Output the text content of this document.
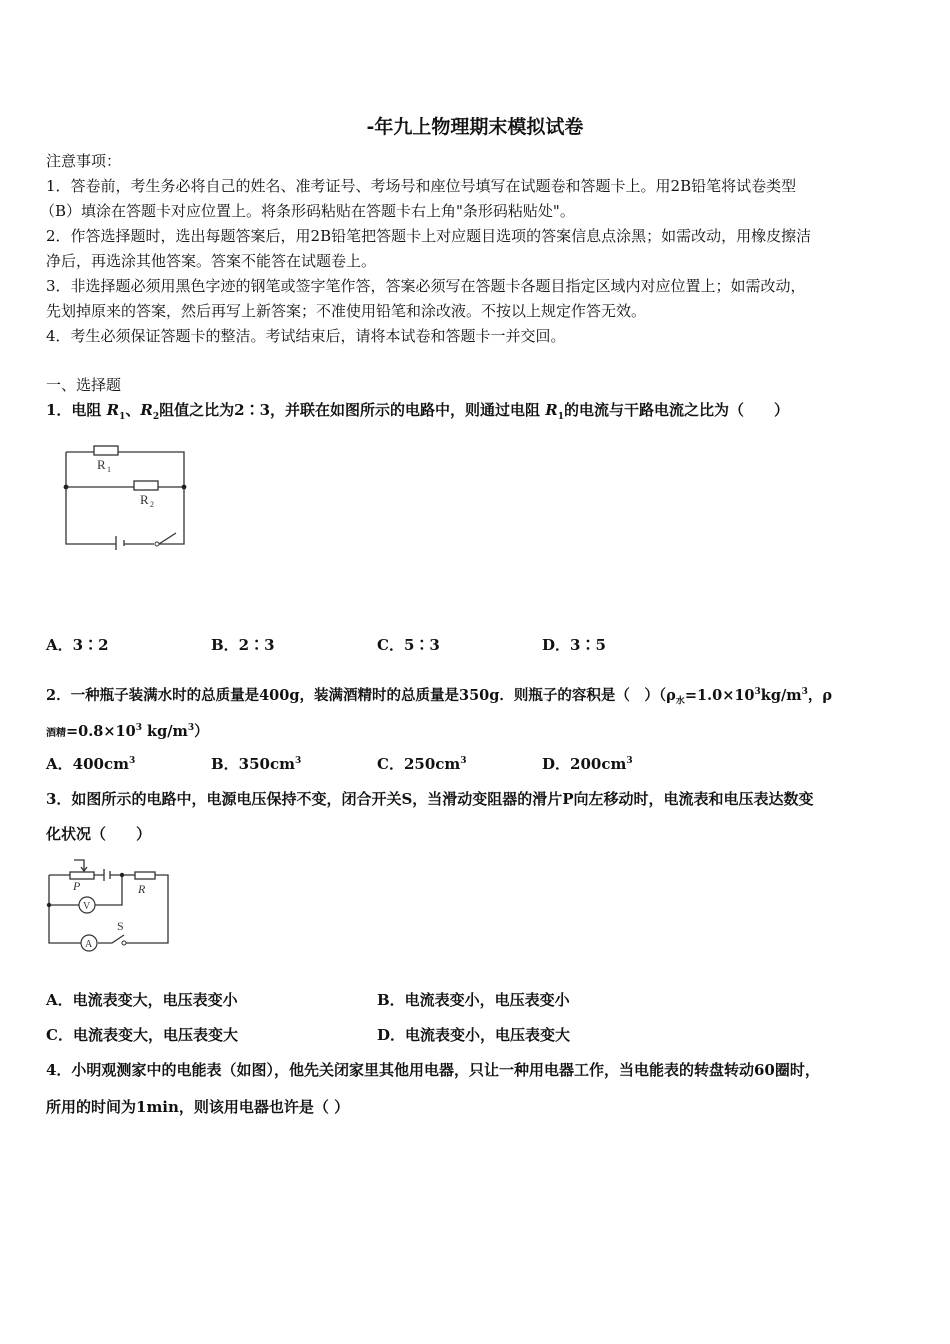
-年九上物理期末模拟试卷
注意事项：
1．答卷前，考生务必将自己的姓名、准考证号、考场号和座位号填写在试题卷和答题卡上。用2B铅笔将试卷类型
（B）填涂在答题卡对应位置上。将条形码粘贴在答题卡右上角"条形码粘贴处"。
2．作答选择题时，选出每题答案后，用2B铅笔把答题卡上对应题目选项的答案信息点涂黑；如需改动，用橡皮擦洁
净后，再选涂其他答案。答案不能答在试题卷上。
3．非选择题必须用黑色字迹的钢笔或签字笔作答，答案必须写在答题卡各题目指定区域内对应位置上；如需改动，
先划掉原来的答案，然后再写上新答案；不准使用铅笔和涂改液。不按以上规定作答无效。
4．考生必须保证答题卡的整洁。考试结束后，请将本试卷和答题卡一并交回。
一、选择题
1．电阻 $R_1$、$R_2$阻值之比为2∶3，并联在如图所示的电路中，则通过电阻 $R_1$的电流与干路电流之比为（　　）
R 1
R 2
A．3∶2	B．2∶3	C．5∶3	D．3∶5
2．一种瓶子装满水时的总质量是400g，装满酒精时的总质量是350g．则瓶子的容积是（　）（$\rho_水=1.0\times 10^3kg/m^3$，ρ
酒精$=0.8\times 10^3$ $kg/m^3$）
A．$400cm^3$	B．$350cm^3$	C．$250cm^3$	D．$200cm^3$
3．如图所示的电路中，电源电压保持不变，闭合开关S，当滑动变阻器的滑片P向左移动时，电流表和电压表达数变
化状况（　　）
P	R
V
A
S
A．电流表变大，电压表变小	B．电流表变小，电压表变小
C．电流表变大，电压表变大	D．电流表变小，电压表变大
4．小明观测家中的电能表（如图），他先关闭家里其他用电器，只让一种用电器工作，当电能表的转盘转动60圈时，
所用的时间为1min，则该用电器也许是（ ）
